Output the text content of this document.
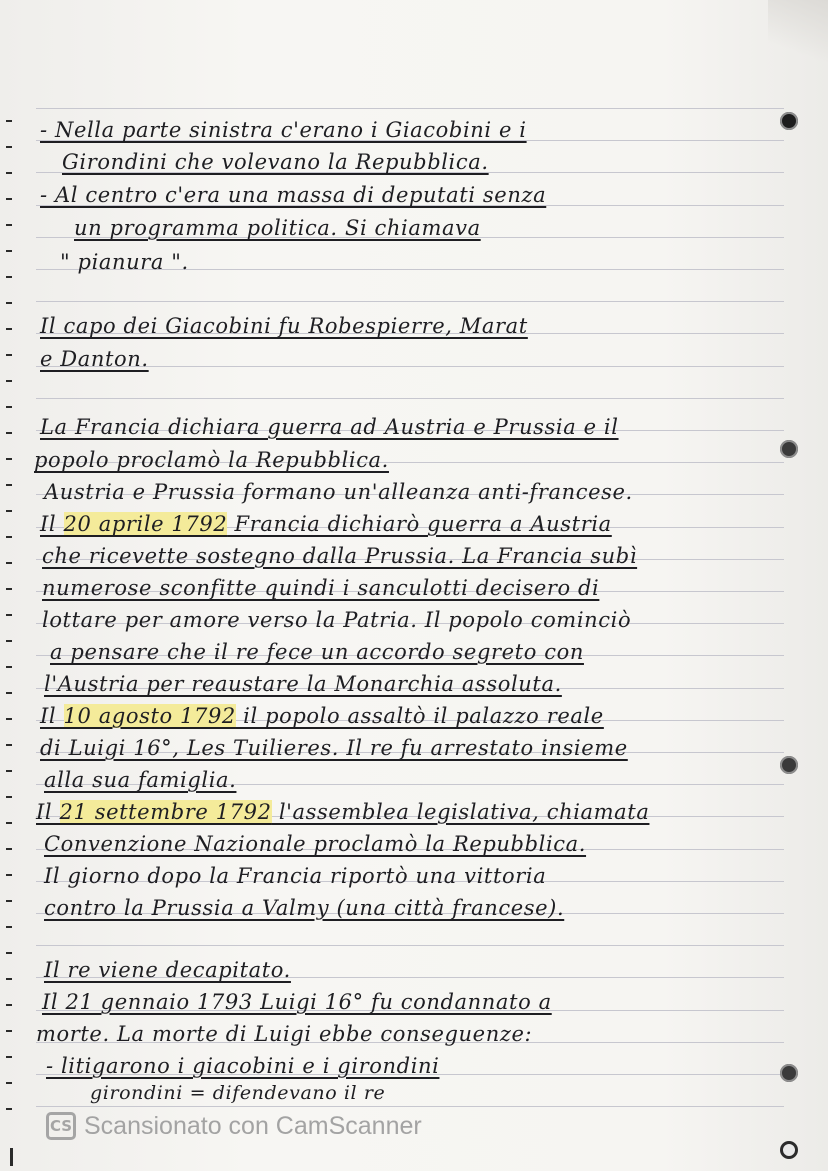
- Nella parte sinistra c'erano i Giacobini e i
Girondini che volevano la Repubblica.
- Al centro c'era una massa di deputati senza
un programma politica. Si chiamava
" pianura ".
Il capo dei Giacobini fu Robespierre, Marat
e Danton.
La Francia dichiara guerra ad Austria e Prussia e il
popolo proclamò la Repubblica.
Austria e Prussia formano un'alleanza anti-francese.
Il 20 aprile 1792 Francia dichiarò guerra a Austria
che ricevette sostegno dalla Prussia. La Francia subì
numerose sconfitte quindi i sanculotti decisero di
lottare per amore verso la Patria. Il popolo cominciò
a pensare che il re fece un accordo segreto con
l'Austria per reaustare la Monarchia assoluta.
Il 10 agosto 1792 il popolo assaltò il palazzo reale
di Luigi 16°, Les Tuilieres. Il re fu arrestato insieme
alla sua famiglia.
Il 21 settembre 1792 l'assemblea legislativa, chiamata
Convenzione Nazionale proclamò la Repubblica.
Il giorno dopo la Francia riportò una vittoria
contro la Prussia a Valmy (una città francese).
Il re viene decapitato.
Il 21 gennaio 1793 Luigi 16° fu condannato a
morte. La morte di Luigi ebbe conseguenze:
- litigarono i giacobini e i girondini
girondini = difendevano il re
CS Scansionato con CamScanner
